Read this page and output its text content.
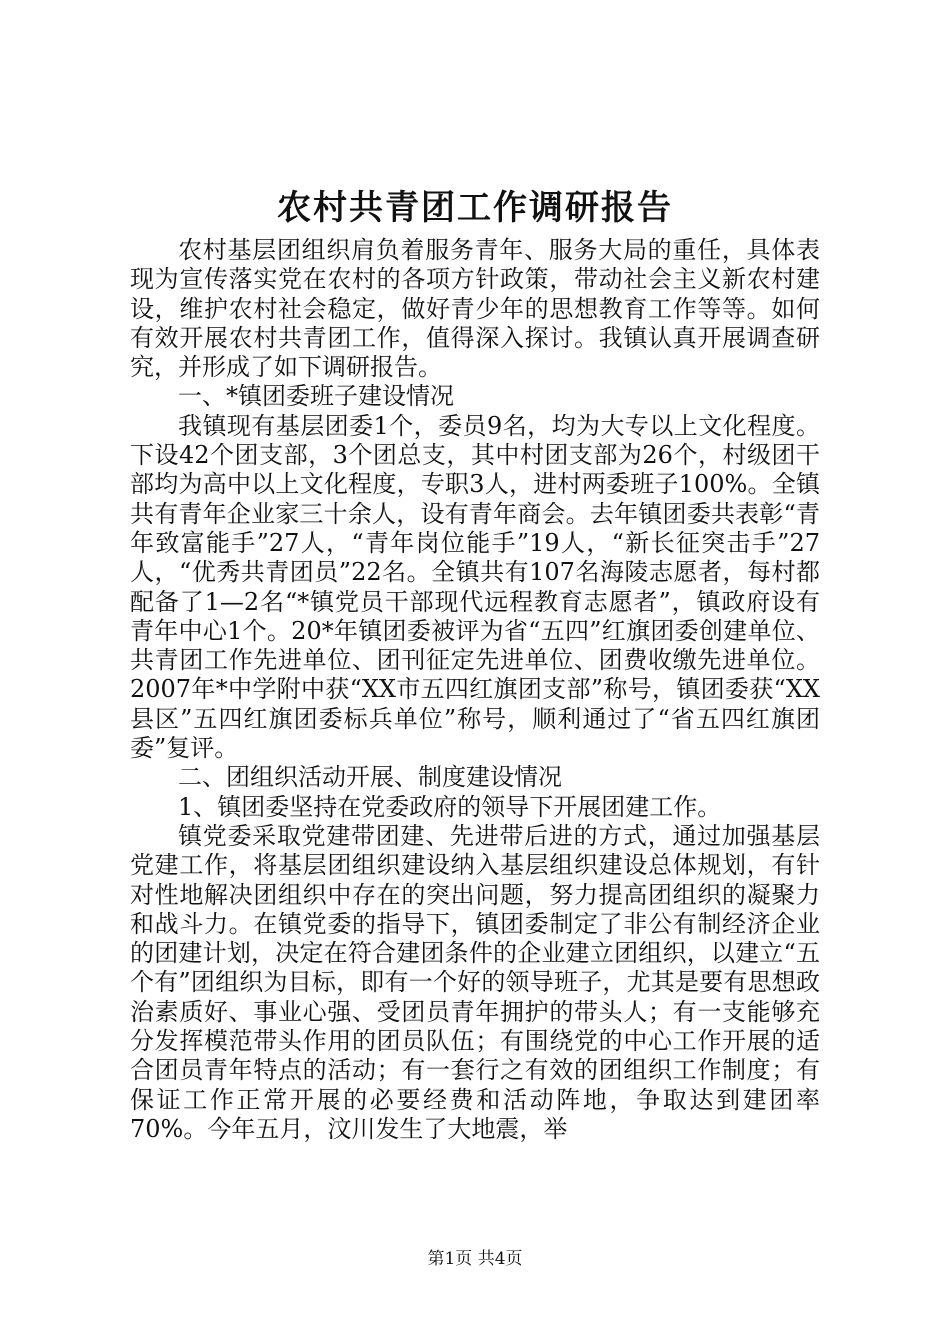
农村共青团工作调研报告

农村基层团组织肩负着服务青年、服务大局的重任，具体表现为宣传落实党在农村的各项方针政策，带动社会主义新农村建设，维护农村社会稳定，做好青少年的思想教育工作等等。如何有效开展农村共青团工作，值得深入探讨。我镇认真开展调查研究，并形成了如下调研报告。

一、*镇团委班子建设情况

我镇现有基层团委1个，委员9名，均为大专以上文化程度。下设42个团支部，3个团总支，其中村团支部为26个，村级团干部均为高中以上文化程度，专职3人，进村两委班子100%。全镇共有青年企业家三十余人，设有青年商会。去年镇团委共表彰“青年致富能手”27人，“青年岗位能手”19人，“新长征突击手”27人，“优秀共青团员”22名。全镇共有107名海陵志愿者，每村都配备了1—2名“*镇党员干部现代远程教育志愿者”，镇政府设有青年中心1个。20*年镇团委被评为省“五四”红旗团委创建单位、共青团工作先进单位、团刊征定先进单位、团费收缴先进单位。2007年*中学附中获“XX市五四红旗团支部”称号，镇团委获“XX县区”五四红旗团委标兵单位”称号，顺利通过了“省五四红旗团委”复评。

二、团组织活动开展、制度建设情况

1、镇团委坚持在党委政府的领导下开展团建工作。

镇党委采取党建带团建、先进带后进的方式，通过加强基层党建工作，将基层团组织建设纳入基层组织建设总体规划，有针对性地解决团组织中存在的突出问题，努力提高团组织的凝聚力和战斗力。在镇党委的指导下，镇团委制定了非公有制经济企业的团建计划，决定在符合建团条件的企业建立团组织，以建立“五个有”团组织为目标，即有一个好的领导班子，尤其是要有思想政治素质好、事业心强、受团员青年拥护的带头人；有一支能够充分发挥模范带头作用的团员队伍；有围绕党的中心工作开展的适合团员青年特点的活动；有一套行之有效的团组织工作制度；有保证工作正常开展的必要经费和活动阵地，争取达到建团率70%。今年五月，汶川发生了大地震，举

第1页 共4页
